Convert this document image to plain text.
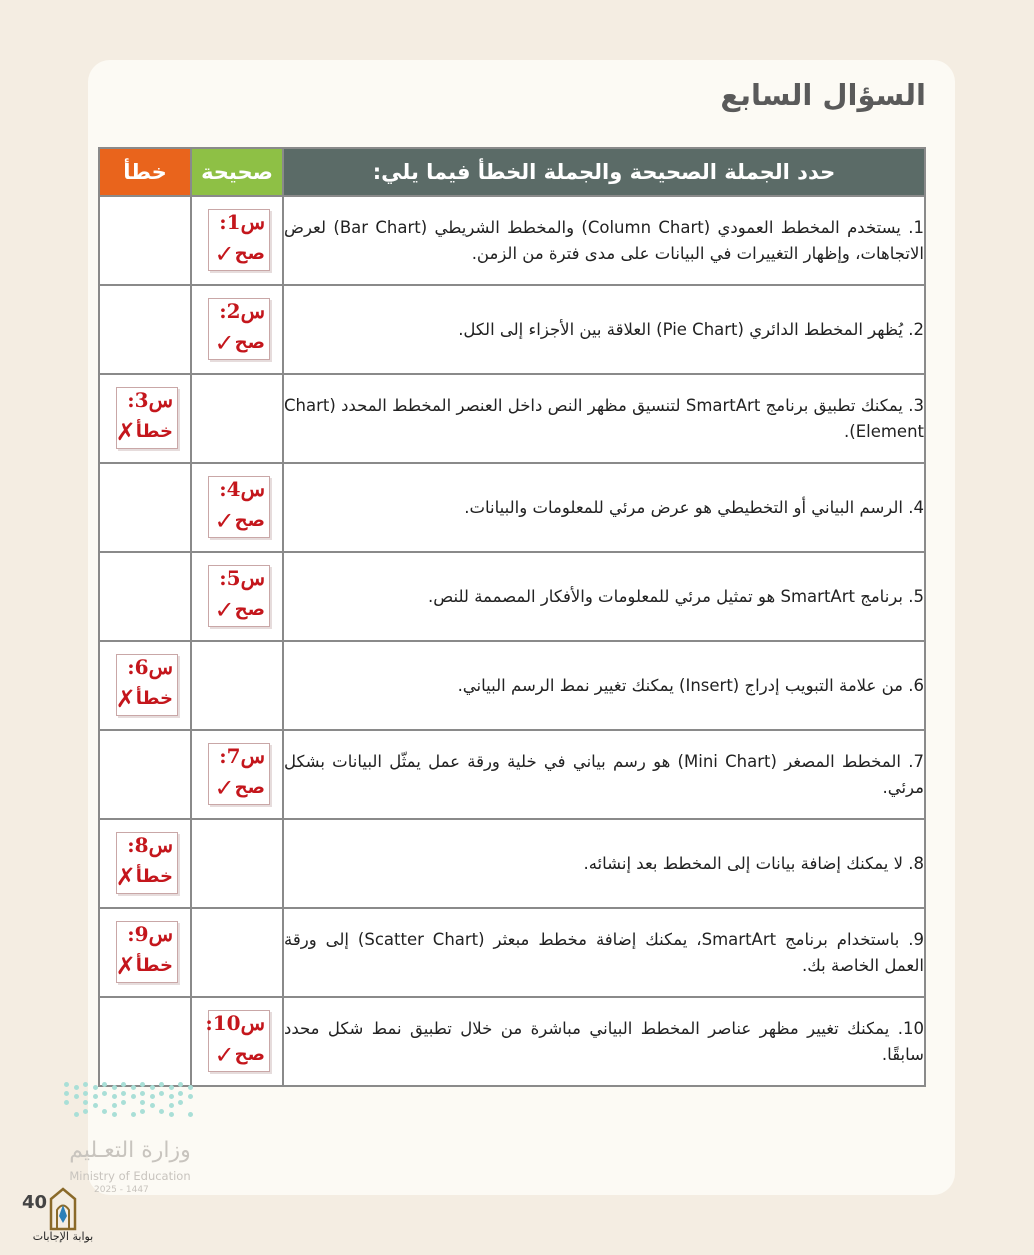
السؤال السابع
خطأ	صحيحة	حدد الجملة الصحيحة والجملة الخطأ فيما يلي:

	س1:
صح✓	1. يستخدم المخطط العمودي (Column Chart) والمخطط الشريطي (Bar Chart) لعرض الاتجاهات، وإظهار التغييرات في البيانات على مدى فترة من الزمن.

	س2:
صح✓	2. يُظهر المخطط الدائري (Pie Chart) العلاقة بين الأجزاء إلى الكل.

س3:
خطأ✗		3. يمكنك تطبيق برنامج SmartArt لتنسيق مظهر النص داخل العنصر المخطط المحدد (Chart Element).

	س4:
صح✓	4. الرسم البياني أو التخطيطي هو عرض مرئي للمعلومات والبيانات.

	س5:
صح✓	5. برنامج SmartArt هو تمثيل مرئي للمعلومات والأفكار المصممة للنص.

س6:
خطأ✗		6. من علامة التبويب إدراج (Insert) يمكنك تغيير نمط الرسم البياني.

	س7:
صح✓	7. المخطط المصغر (Mini Chart) هو رسم بياني في خلية ورقة عمل يمثّل البيانات بشكل مرئي.

س8:
خطأ✗		8. لا يمكنك إضافة بيانات إلى المخطط بعد إنشائه.

س9:
خطأ✗		9. باستخدام برنامج SmartArt، يمكنك إضافة مخطط مبعثر (Scatter Chart) إلى ورقة العمل الخاصة بك.

	س10:
صح✓	10. يمكنك تغيير مظهر عناصر المخطط البياني مباشرة من خلال تطبيق نمط شكل محدد سابقًا.
وزارة التعـليم
Ministry of Education
2025 - 1447
40
بوابة الإجابات
